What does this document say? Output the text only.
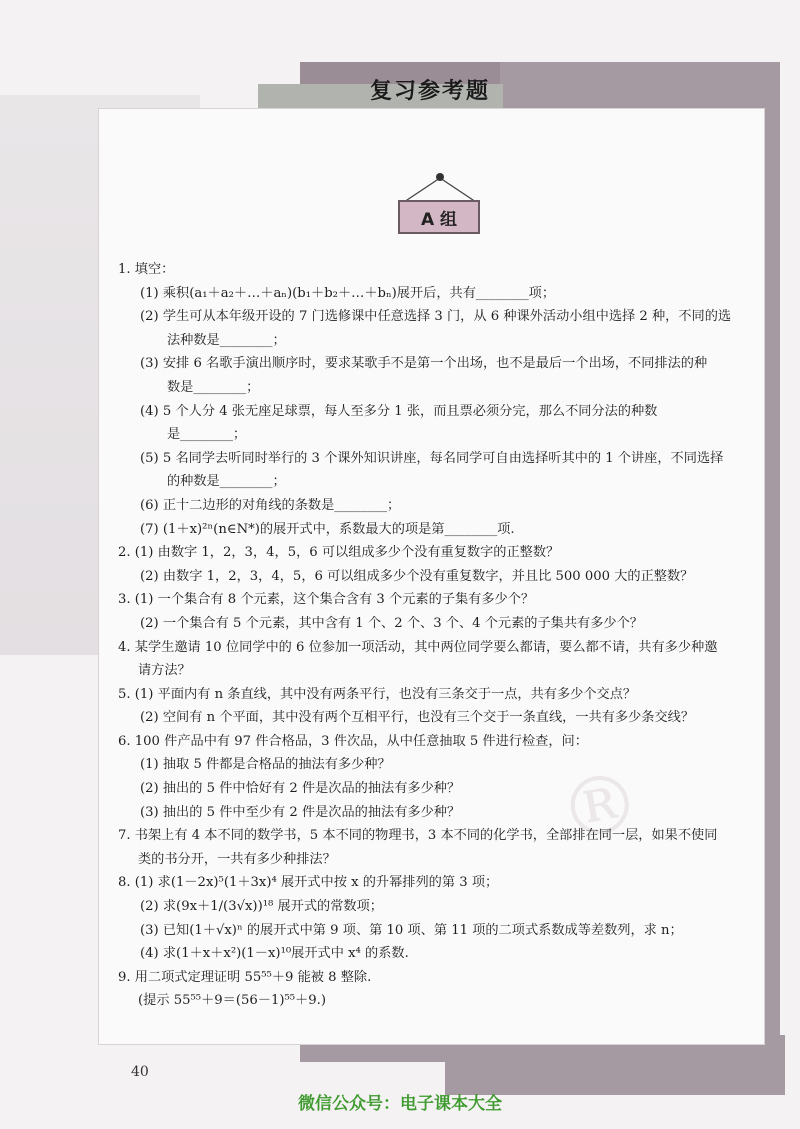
复习参考题
®
A 组
1. 填空：
(1) 乘积(a₁＋a₂＋…＋aₙ)(b₁＋b₂＋…＋bₙ)展开后，共有________项；
(2) 学生可从本年级开设的 7 门选修课中任意选择 3 门，从 6 种课外活动小组中选择 2 种，不同的选
法种数是________；
(3) 安排 6 名歌手演出顺序时，要求某歌手不是第一个出场，也不是最后一个出场，不同排法的种
数是________；
(4) 5 个人分 4 张无座足球票，每人至多分 1 张，而且票必须分完，那么不同分法的种数
是________；
(5) 5 名同学去听同时举行的 3 个课外知识讲座，每名同学可自由选择听其中的 1 个讲座，不同选择
的种数是________；
(6) 正十二边形的对角线的条数是________；
(7) (1＋x)²ⁿ(n∈N*)的展开式中，系数最大的项是第________项.
2. (1) 由数字 1，2，3，4，5，6 可以组成多少个没有重复数字的正整数？
(2) 由数字 1，2，3，4，5，6 可以组成多少个没有重复数字，并且比 500 000 大的正整数？
3. (1) 一个集合有 8 个元素，这个集合含有 3 个元素的子集有多少个？
(2) 一个集合有 5 个元素，其中含有 1 个、2 个、3 个、4 个元素的子集共有多少个？
4. 某学生邀请 10 位同学中的 6 位参加一项活动，其中两位同学要么都请，要么都不请，共有多少种邀
请方法？
5. (1) 平面内有 n 条直线，其中没有两条平行，也没有三条交于一点，共有多少个交点？
(2) 空间有 n 个平面，其中没有两个互相平行，也没有三个交于一条直线，一共有多少条交线？
6. 100 件产品中有 97 件合格品，3 件次品，从中任意抽取 5 件进行检查，问：
(1) 抽取 5 件都是合格品的抽法有多少种？
(2) 抽出的 5 件中恰好有 2 件是次品的抽法有多少种？
(3) 抽出的 5 件中至少有 2 件是次品的抽法有多少种？
7. 书架上有 4 本不同的数学书，5 本不同的物理书，3 本不同的化学书，全部排在同一层，如果不使同
类的书分开，一共有多少种排法？
8. (1) 求(1－2x)⁵(1＋3x)⁴ 展开式中按 x 的升幂排列的第 3 项；
(2) 求(9x＋1/(3√x))¹⁸ 展开式的常数项；
(3) 已知(1＋√x)ⁿ 的展开式中第 9 项、第 10 项、第 11 项的二项式系数成等差数列，求 n；
(4) 求(1＋x＋x²)(1－x)¹⁰展开式中 x⁴ 的系数.
9. 用二项式定理证明 55⁵⁵＋9 能被 8 整除.
(提示 55⁵⁵＋9＝(56－1)⁵⁵＋9.)
40
微信公众号：电子课本大全
